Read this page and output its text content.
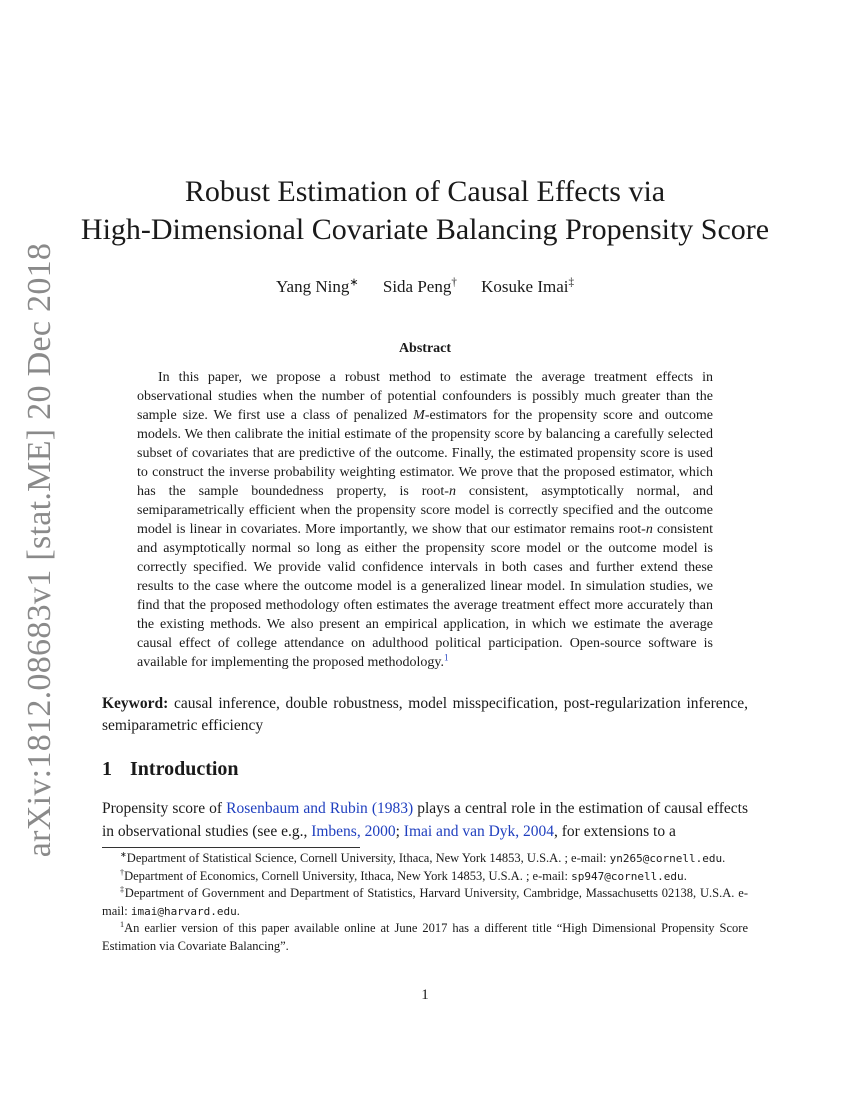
arXiv:1812.08683v1 [stat.ME] 20 Dec 2018
Robust Estimation of Causal Effects via
High-Dimensional Covariate Balancing Propensity Score
Yang Ning∗ Sida Peng† Kosuke Imai‡
Abstract

In this paper, we propose a robust method to estimate the average treatment effects in observational studies when the number of potential confounders is possibly much greater than the sample size. We first use a class of penalized M-estimators for the propensity score and outcome models. We then calibrate the initial estimate of the propensity score by balancing a carefully selected subset of covariates that are predictive of the outcome. Finally, the estimated propensity score is used to construct the inverse probability weighting estimator. We prove that the proposed estimator, which has the sample boundedness property, is root-n consistent, asymptotically normal, and semiparametrically efficient when the propensity score model is correctly specified and the outcome model is linear in covariates. More importantly, we show that our estimator remains root-n consistent and asymptotically normal so long as either the propensity score model or the outcome model is correctly specified. We provide valid confidence intervals in both cases and further extend these results to the case where the outcome model is a generalized linear model. In simulation studies, we find that the proposed methodology often estimates the average treatment effect more accurately than the existing methods. We also present an empirical application, in which we estimate the average causal effect of college attendance on adulthood political participation. Open-source software is available for implementing the proposed methodology.$^1$

Keyword: causal inference, double robustness, model misspecification, post-regularization inference, semiparametric efficiency

1 Introduction

Propensity score of Rosenbaum and Rubin (1983) plays a central role in the estimation of causal effects in observational studies (see e.g., Imbens, 2000; Imai and van Dyk, 2004, for extensions to a

∗Department of Statistical Science, Cornell University, Ithaca, New York 14853, U.S.A. ; e-mail: yn265@cornell.edu.

†Department of Economics, Cornell University, Ithaca, New York 14853, U.S.A. ; e-mail: sp947@cornell.edu.

‡Department of Government and Department of Statistics, Harvard University, Cambridge, Massachusetts 02138, U.S.A. e-mail: imai@harvard.edu.

$^1$An earlier version of this paper available online at June 2017 has a different title “High Dimensional Propensity Score Estimation via Covariate Balancing”.

1
